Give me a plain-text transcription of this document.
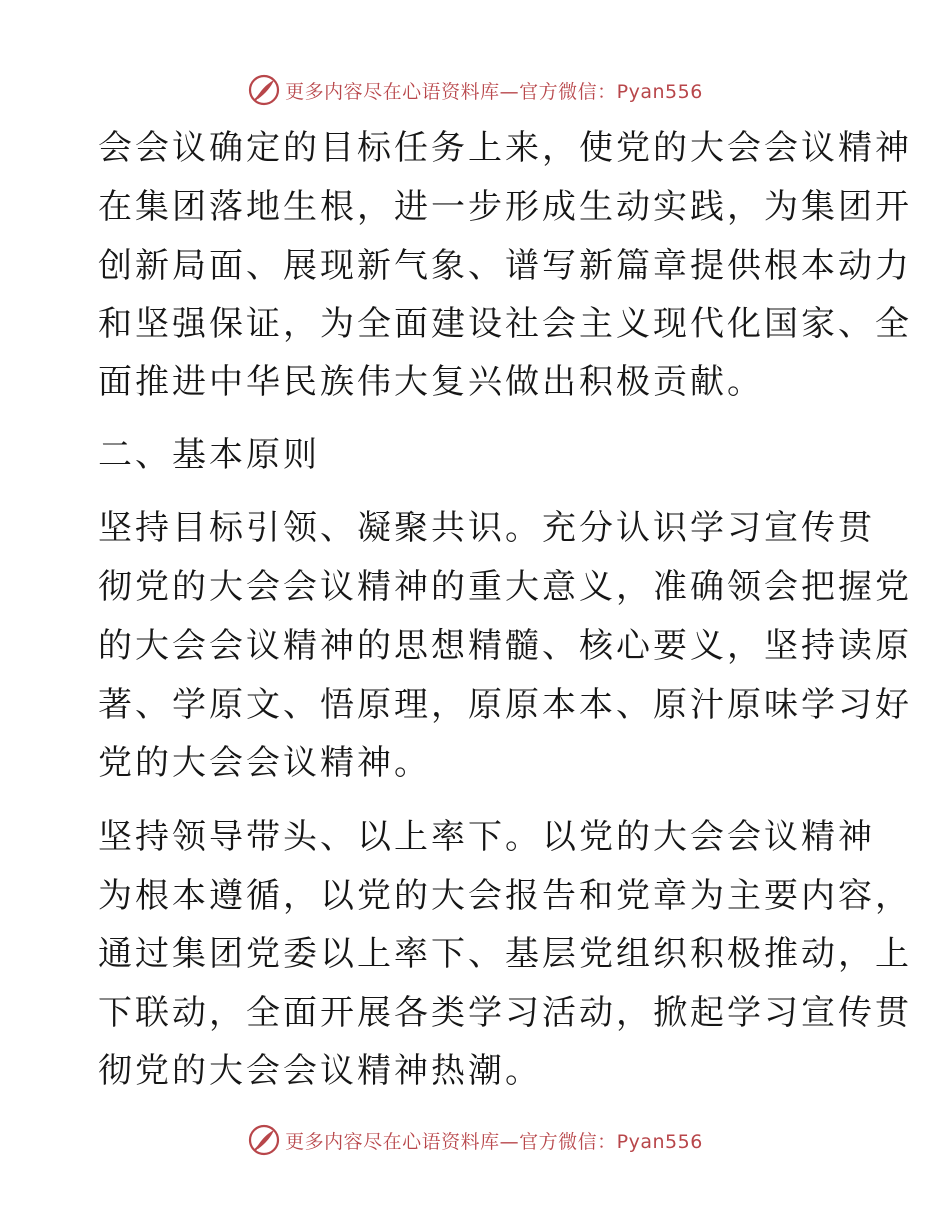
更多内容尽在心语资料库—官方微信：Pyan556
会会议确定的目标任务上来，使党的大会会议精神
在集团落地生根，进一步形成生动实践，为集团开
创新局面、展现新气象、谱写新篇章提供根本动力
和坚强保证，为全面建设社会主义现代化国家、全
面推进中华民族伟大复兴做出积极贡献。
二、基本原则
坚持目标引领、凝聚共识。充分认识学习宣传贯
彻党的大会会议精神的重大意义，准确领会把握党
的大会会议精神的思想精髓、核心要义，坚持读原
著、学原文、悟原理，原原本本、原汁原味学习好
党的大会会议精神。
坚持领导带头、以上率下。以党的大会会议精神
为根本遵循，以党的大会报告和党章为主要内容，
通过集团党委以上率下、基层党组织积极推动，上
下联动，全面开展各类学习活动，掀起学习宣传贯
彻党的大会会议精神热潮。
更多内容尽在心语资料库—官方微信：Pyan556
